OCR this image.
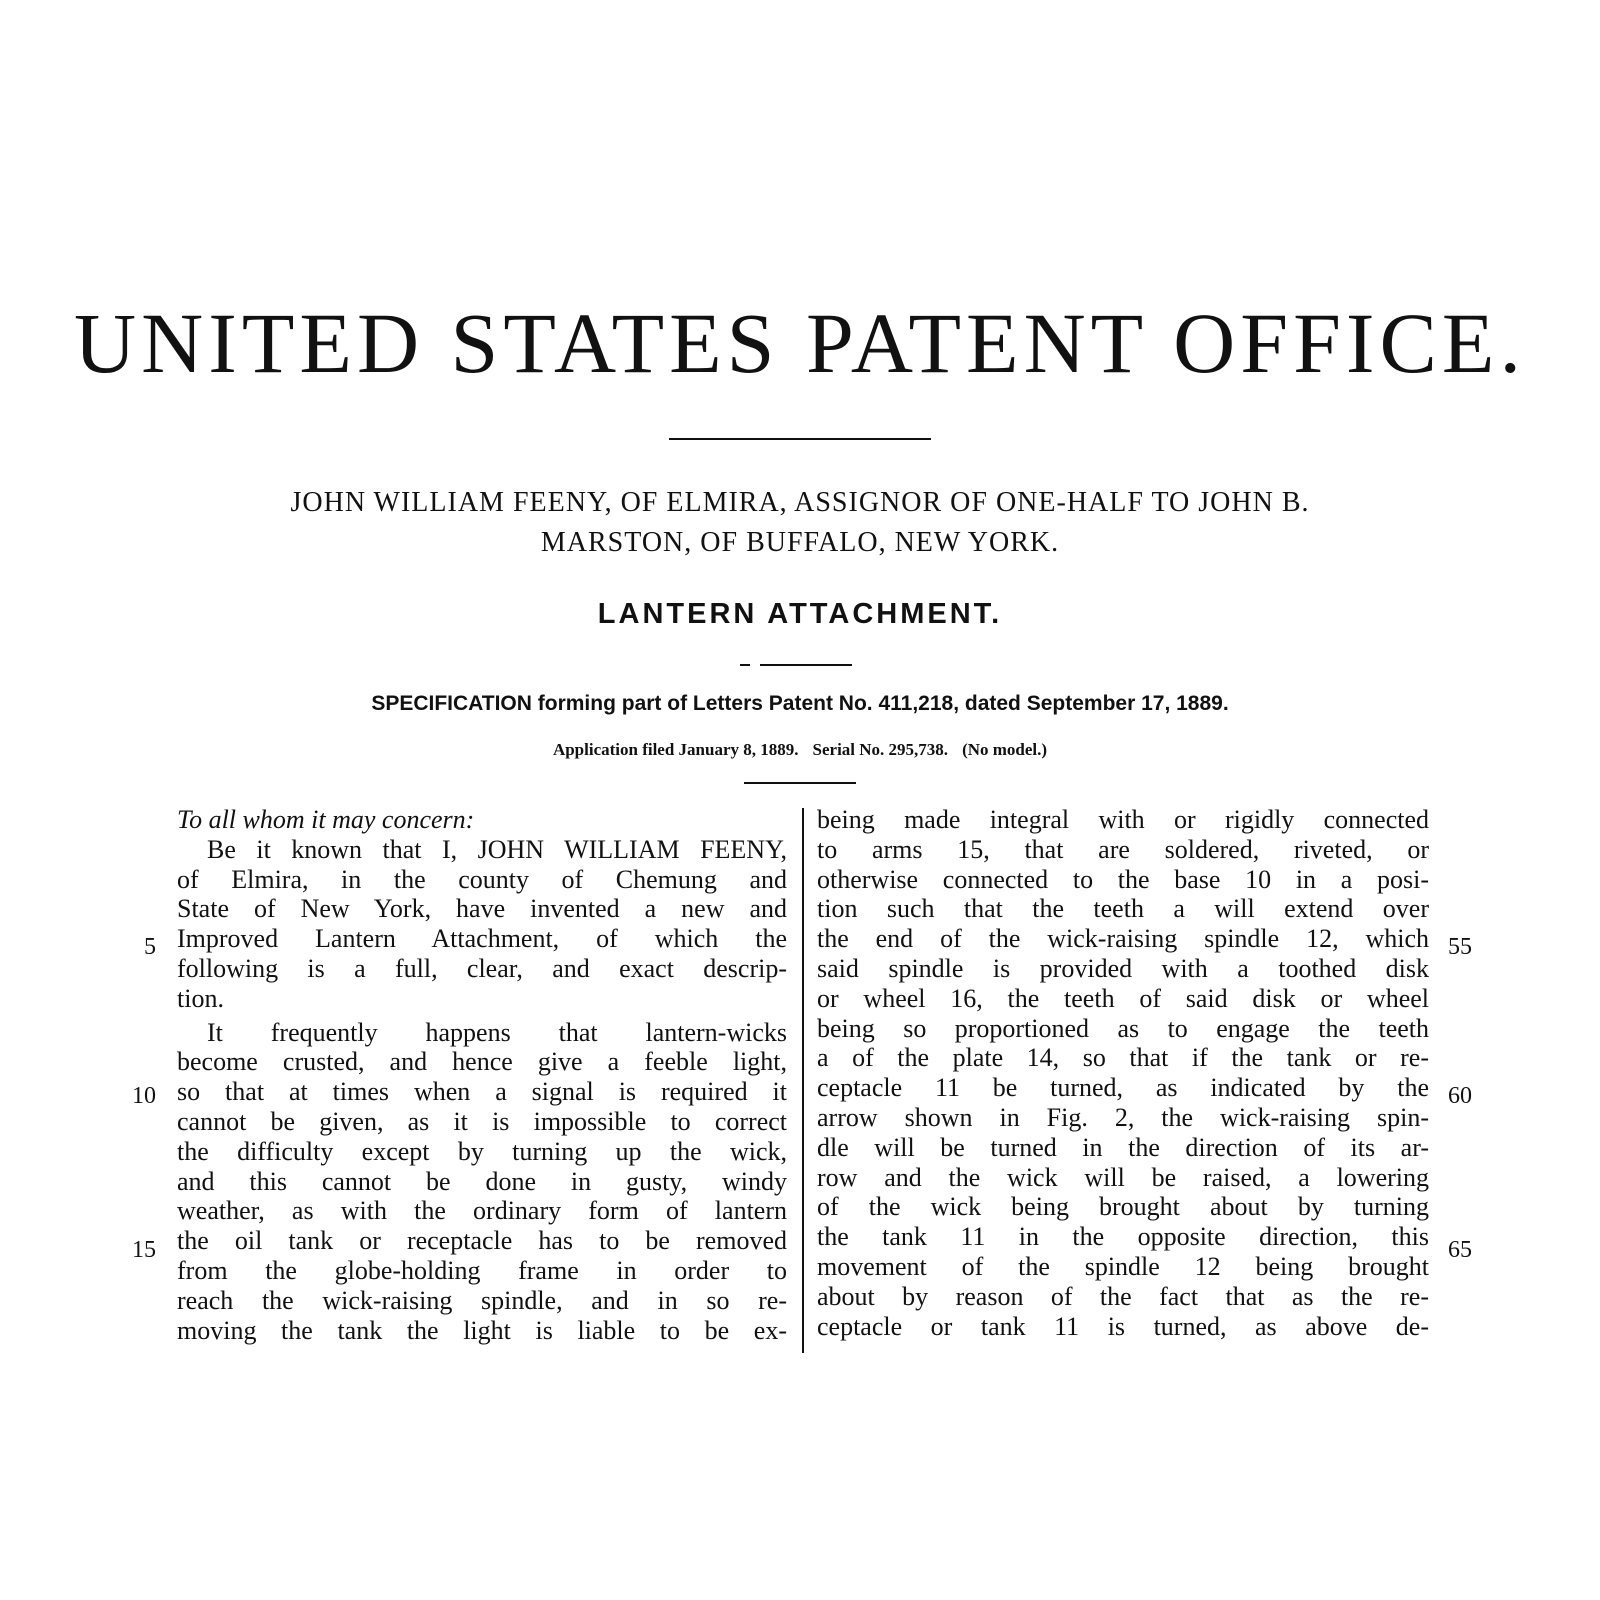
UNITED STATES PATENT OFFICE.
JOHN WILLIAM FEENY, OF ELMIRA, ASSIGNOR OF ONE-HALF TO JOHN B.
MARSTON, OF BUFFALO, NEW YORK.
LANTERN ATTACHMENT.
SPECIFICATION forming part of Letters Patent No. 411,218, dated September 17, 1889.
Application filed January 8, 1889. Serial No. 295,738. (No model.)
To all whom it may concern:
Be it known that I, JOHN WILLIAM FEENY,
of Elmira, in the county of Chemung and
State of New York, have invented a new and
Improved Lantern Attachment, of which the
following is a full, clear, and exact descrip-
tion.
It frequently happens that lantern-wicks
become crusted, and hence give a feeble light,
so that at times when a signal is required it
cannot be given, as it is impossible to correct
the difficulty except by turning up the wick,
and this cannot be done in gusty, windy
weather, as with the ordinary form of lantern
the oil tank or receptacle has to be removed
from the globe-holding frame in order to
reach the wick-raising spindle, and in so re-
moving the tank the light is liable to be ex-
being made integral with or rigidly connected
to arms 15, that are soldered, riveted, or
otherwise connected to the base 10 in a posi-
tion such that the teeth a will extend over
the end of the wick-raising spindle 12, which
said spindle is provided with a toothed disk
or wheel 16, the teeth of said disk or wheel
being so proportioned as to engage the teeth
a of the plate 14, so that if the tank or re-
ceptacle 11 be turned, as indicated by the
arrow shown in Fig. 2, the wick-raising spin-
dle will be turned in the direction of its ar-
row and the wick will be raised, a lowering
of the wick being brought about by turning
the tank 11 in the opposite direction, this
movement of the spindle 12 being brought
about by reason of the fact that as the re-
ceptacle or tank 11 is turned, as above de-
5
10
15
55
60
65
